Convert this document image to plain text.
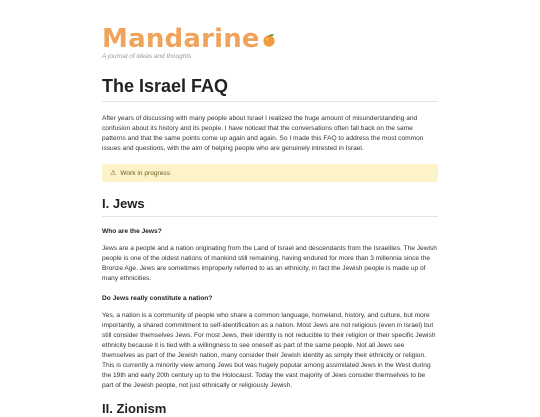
Mandarine
A journal of ideas and thoughts
The Israel FAQ

After years of discussing with many people about Israel I realized the huge amount of misunderstanding and confusion about its history and its people. I have noticed that the conversations often fall back on the same patterns and that the same points come up again and again. So I made this FAQ to address the most common issues and questions, with the aim of helping people who are genuinely intrested in Israel.

⚠ Work in progress
I. Jews
Who are the Jews?

Jews are a people and a nation originating from the Land of Israel and descendants from the Israelites. The Jewish people is one of the oldest nations of mankind still remaining, having endured for more than 3 millennia since the Bronze Age. Jews are sometimes improperly referred to as an ethnicity, in fact the Jewish people is made up of many ethnicities.

Do Jews really constitute a nation?

Yes, a nation is a community of people who share a common language, homeland, history, and culture, but more importantly, a shared commitment to self-identification as a nation. Most Jews are not religious (even in Israel) but still consider themselves Jews. For most Jews, their identity is not reducible to their religion or their specific Jewish ethnicity because it is tied with a willingness to see oneself as part of the same people. Not all Jews see themselves as part of the Jewish nation, many consider their Jewish identity as simply their ethnicity or religion. This is currently a minority view among Jews but was hugely popular among assimilated Jews in the West during the 19th and early 20th century up to the Holocaust. Today the vast majority of Jews consider themselves to be part of the Jewish people, not just ethnically or religiously Jewish.

II. Zionism
